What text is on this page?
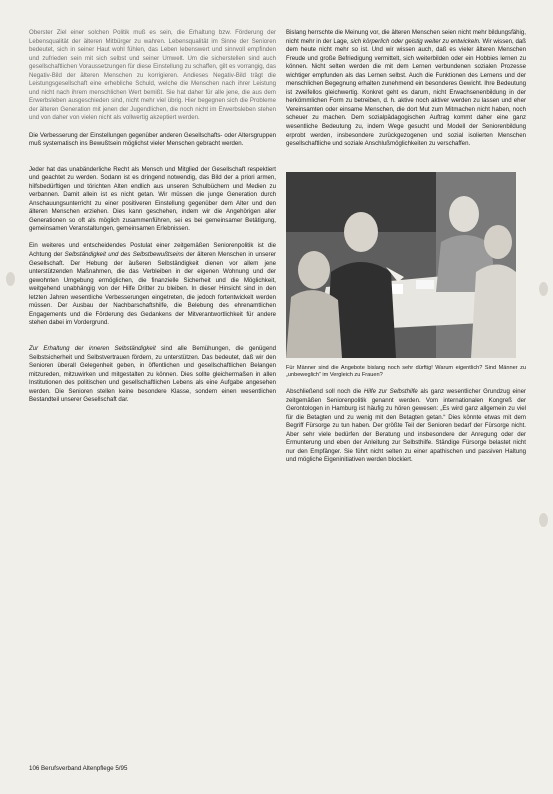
Oberster Ziel einer solchen Politik muß es sein, die Erhaltung bzw. Förderung der Lebensqualität der älteren Mitbürger zu wahren. Lebensqualität im Sinne der Senioren bedeutet, sich in seiner Haut wohl fühlen, das Leben lebenswert und sinnvoll empfinden und zufrieden sein mit sich selbst und seiner Umwelt. Um die sicherstellen sind auch gesellschaftlichen Voraussetzungen für diese Einstellung zu schaffen, gilt es vorrangig, das Negativ-Bild der älteren Menschen zu korrigieren. Andieses Negativ-Bild trägt die Leistungsgesellschaft eine erhebliche Schuld, welche die Menschen nach ihrer Leistung und nicht nach ihrem menschlichen Wert bemißt. Sie hat daher für alle jene, die aus dem Erwerbsleben ausgeschieden sind, nicht mehr viel übrig. Hier begegnen sich die Probleme der älteren Generation mit jenen der Jugendlichen, die noch nicht im Erwerbsleben stehen und von daher von vielen nicht als vollwertig akzeptiert werden.

Die Verbesserung der Einstellungen gegenüber anderen Gesellschafts- oder Altersgruppen muß systematisch ins Bewußtsein möglichst vieler Menschen gebracht werden.

Jeder hat das unabänderliche Recht als Mensch und Mitglied der Gesellschaft respektiert und geachtet zu werden. Sodann ist es dringend notwendig, das Bild der a priori armen, hilfsbedürftigen und törichten Alten endlich aus unseren Schulbüchern und Medien zu verbannen. Damit allein ist es nicht getan. Wir müssen die junge Generation durch Anschauungsunterricht zu einer positiveren Einstellung gegenüber dem Alter und den älteren Menschen erziehen. Dies kann geschehen, indem wir die Angehörigen aller Generationen so oft als möglich zusammenführen, sei es bei gemeinsamer Betätigung, gemeinsamen Veranstaltungen, gemeinsamen Erlebnissen.

Ein weiteres und entscheidendes Postulat einer zeitgemäßen Seniorenpolitik ist die Achtung der Selbständigkeit und des Selbstbewußtseins der älteren Menschen in unserer Gesellschaft. Der Hebung der äußeren Selbständigkeit dienen vor allem jene unterstützenden Maßnahmen, die das Verbleiben in der eigenen Wohnung und der gewohnten Umgebung ermöglichen, die finanzielle Sicherheit und die Möglichkeit, weitgehend unabhängig von der Hilfe Dritter zu bleiben. In dieser Hinsicht sind in den letzten Jahren wesentliche Verbesserungen eingetreten, die jedoch fortentwickelt werden müssen. Der Ausbau der Nachbarschaftshilfe, die Belebung des ehrenamtlichen Engagements und die Förderung des Gedankens der Mitverantwortlichkeit für andere stehen dabei im Vordergrund.

Zur Erhaltung der inneren Selbständigkeit sind alle Bemühungen, die genügend Selbstsicherheit und Selbstvertrauen fördern, zu unterstützen. Das bedeutet, daß wir den Senioren überall Gelegenheit geben, in öffentlichen und gesellschaftlichen Belangen mitzureden, mitzuwirken und mitgestalten zu können. Dies sollte gleichermaßen in allen Institutionen des politischen und gesellschaftlichen Lebens als eine Aufgabe angesehen werden. Die Senioren stellen keine besondere Klasse, sondern einen wesentlichen Bestandteil unserer Gesellschaft dar.

Bislang herrschte die Meinung vor, die älteren Menschen seien nicht mehr bildungsfähig, nicht mehr in der Lage, sich körperlich oder geistig weiter zu entwickeln. Wir wissen, daß dem heute nicht mehr so ist. Und wir wissen auch, daß es vieler älteren Menschen Freude und große Befriedigung vermittelt, sich weiterbilden oder ein Hobbies lernen zu können. Nicht selten werden die mit dem Lernen verbundenen sozialen Prozesse wichtiger empfunden als das Lernen selbst. Auch die Funktionen des Lernens und der menschlichen Begegnung erhalten zunehmend ein besonderes Gewicht. Ihre Bedeutung ist zweifellos gleichwertig. Konkret geht es darum, nicht Erwachsenenbildung in der herkömmlichen Form zu betreiben, d. h. aktive noch aktiver werden zu lassen und eher Vereinsamten oder einsame Menschen, die dort Mut zum Mitmachen nicht haben, noch scheuer zu machen. Dem sozialpädagogischen Auftrag kommt daher eine ganz wesentliche Bedeutung zu, indem Wege gesucht und Modell der Seniorenbildung erprobt werden, insbesondere zurückgezogenen und sozial isolierten Menschen gesellschaftliche und soziale Anschlußmöglichkeiten zu verschaffen.

Für Männer sind die Angebote bislang noch sehr dürftig! Warum eigentlich? Sind Männer zu „unbeweglich“ im Vergleich zu Frauen?

Abschließend soll noch die Hilfe zur Selbsthilfe als ganz wesentlicher Grundzug einer zeitgemäßen Seniorenpolitik genannt werden. Vom internationalen Kongreß der Gerontologen in Hamburg ist häufig zu hören gewesen: „Es wird ganz allgemein zu viel für die Betagten und zu wenig mit den Betagten getan.“ Dies könnte etwas mit dem Begriff Fürsorge zu tun haben. Der größte Teil der Senioren bedarf der Fürsorge nicht. Aber sehr viele bedürfen der Beratung und insbesondere der Anregung oder der Ermunterung und eben der Anleitung zur Selbsthilfe. Ständige Fürsorge belastet nicht nur den Empfänger. Sie führt nicht selten zu einer apathischen und passiven Haltung und mögliche Eigeninitiativen werden blockiert.

106 Berufsverband Altenpflege 5/95
